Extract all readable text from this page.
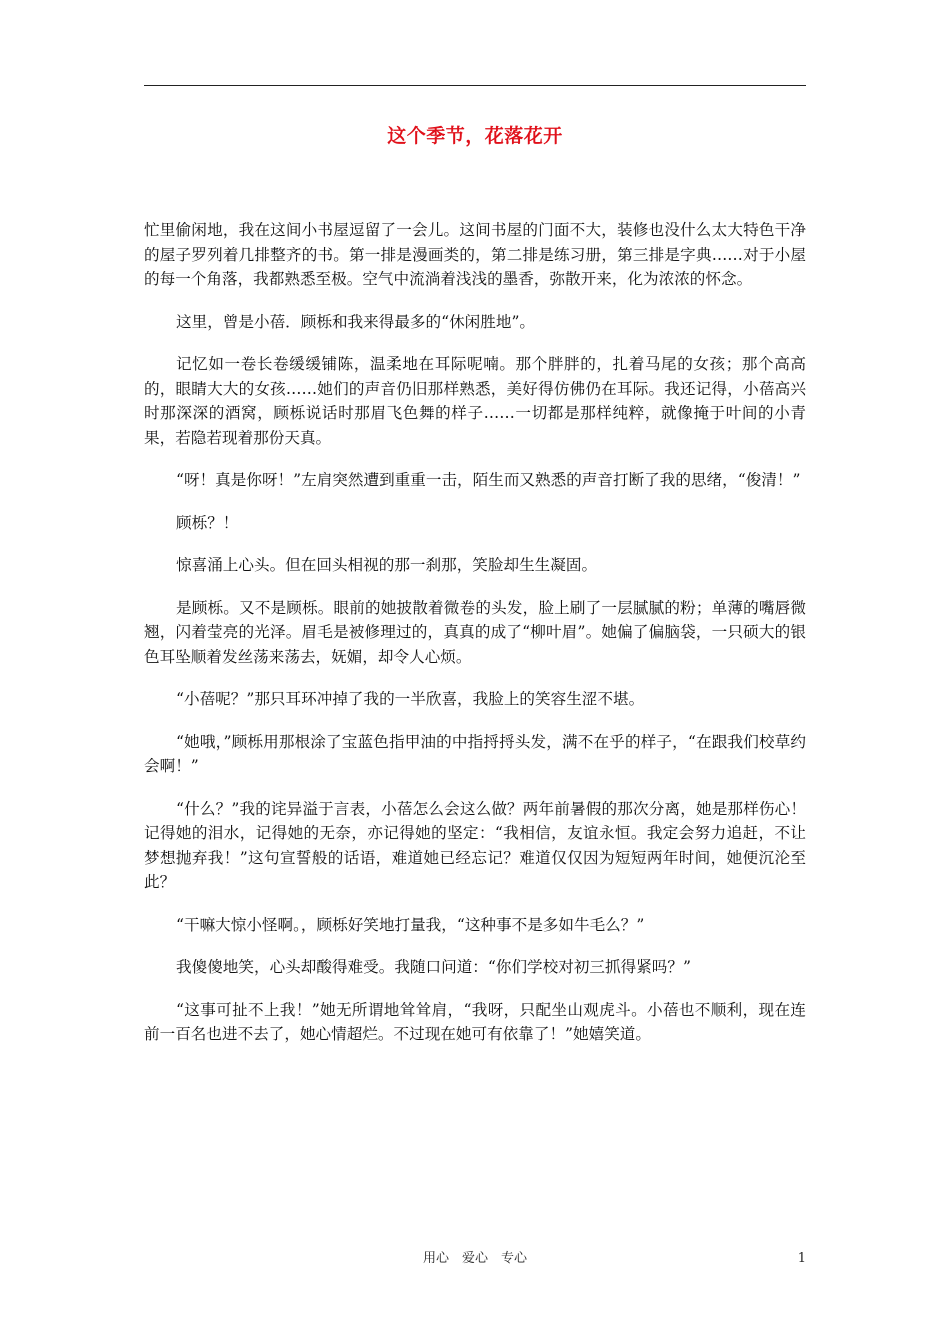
这个季节，花落花开

忙里偷闲地，我在这间小书屋逗留了一会儿。这间书屋的门面不大，装修也没什么太大特色干净的屋子罗列着几排整齐的书。第一排是漫画类的，第二排是练习册，第三排是字典……对于小屋的每一个角落，我都熟悉至极。空气中流淌着浅浅的墨香，弥散开来，化为浓浓的怀念。

这里，曾是小蓓．顾栎和我来得最多的“休闲胜地”。

记忆如一卷长卷缓缓铺陈，温柔地在耳际呢喃。那个胖胖的，扎着马尾的女孩；那个高高的，眼睛大大的女孩……她们的声音仍旧那样熟悉，美好得仿佛仍在耳际。我还记得，小蓓高兴时那深深的酒窝，顾栎说话时那眉飞色舞的样子……一切都是那样纯粹，就像掩于叶间的小青果，若隐若现着那份天真。

“呀！真是你呀！”左肩突然遭到重重一击，陌生而又熟悉的声音打断了我的思绪，“俊清！”

顾栎？！

惊喜涌上心头。但在回头相视的那一刹那，笑脸却生生凝固。

是顾栎。又不是顾栎。眼前的她披散着微卷的头发，脸上刷了一层腻腻的粉；单薄的嘴唇微翘，闪着莹亮的光泽。眉毛是被修理过的，真真的成了“柳叶眉”。她偏了偏脑袋，一只硕大的银色耳坠顺着发丝荡来荡去，妩媚，却令人心烦。

“小蓓呢？”那只耳环冲掉了我的一半欣喜，我脸上的笑容生涩不堪。

“她哦，”顾栎用那根涂了宝蓝色指甲油的中指捋捋头发，满不在乎的样子，“在跟我们校草约会啊！”

“什么？”我的诧异溢于言表，小蓓怎么会这么做？两年前暑假的那次分离，她是那样伤心！记得她的泪水，记得她的无奈，亦记得她的坚定：“我相信，友谊永恒。我定会努力追赶，不让梦想抛弃我！”这句宣誓般的话语，难道她已经忘记？难道仅仅因为短短两年时间，她便沉沦至此？

“干嘛大惊小怪啊。，顾栎好笑地打量我，“这种事不是多如牛毛么？”

我傻傻地笑，心头却酸得难受。我随口问道：“你们学校对初三抓得紧吗？”

“这事可扯不上我！”她无所谓地耸耸肩，“我呀，只配坐山观虎斗。小蓓也不顺利，现在连前一百名也进不去了，她心情超烂。不过现在她可有依靠了！”她嬉笑道。

用心　爱心　专心	1
